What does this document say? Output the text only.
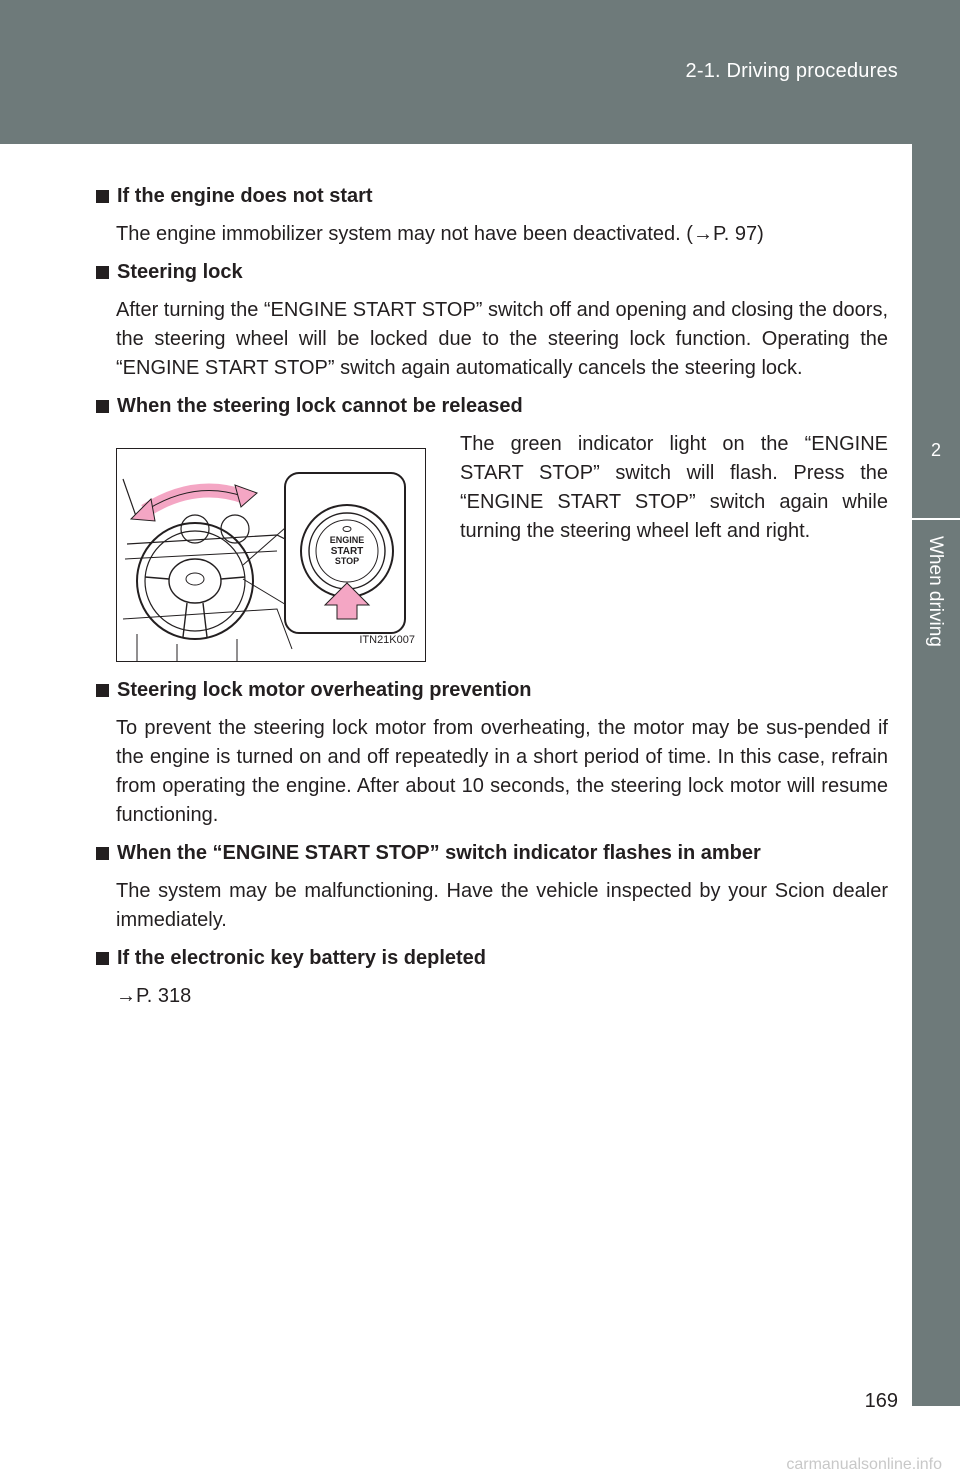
2-1. Driving procedures
2
When driving
If the engine does not start

The engine immobilizer system may not have been deactivated. (→P. 97)

Steering lock

After turning the “ENGINE START STOP” switch off and opening and closing the doors, the steering wheel will be locked due to the steering lock function. Operating the “ENGINE START STOP” switch again automatically cancels the steering lock.

When the steering lock cannot be released
ENGINE
START
STOP
ITN21K007
The green indicator light on the “ENGINE START STOP” switch will flash. Press the “ENGINE START STOP” switch again while turning the steering wheel left and right.
Steering lock motor overheating prevention

To prevent the steering lock motor from overheating, the motor may be sus-pended if the engine is turned on and off repeatedly in a short period of time. In this case, refrain from operating the engine. After about 10 seconds, the steering lock motor will resume functioning.

When the “ENGINE START STOP” switch indicator flashes in amber

The system may be malfunctioning. Have the vehicle inspected by your Scion dealer immediately.

If the electronic key battery is depleted

→P. 318

169
carmanualsonline.info
